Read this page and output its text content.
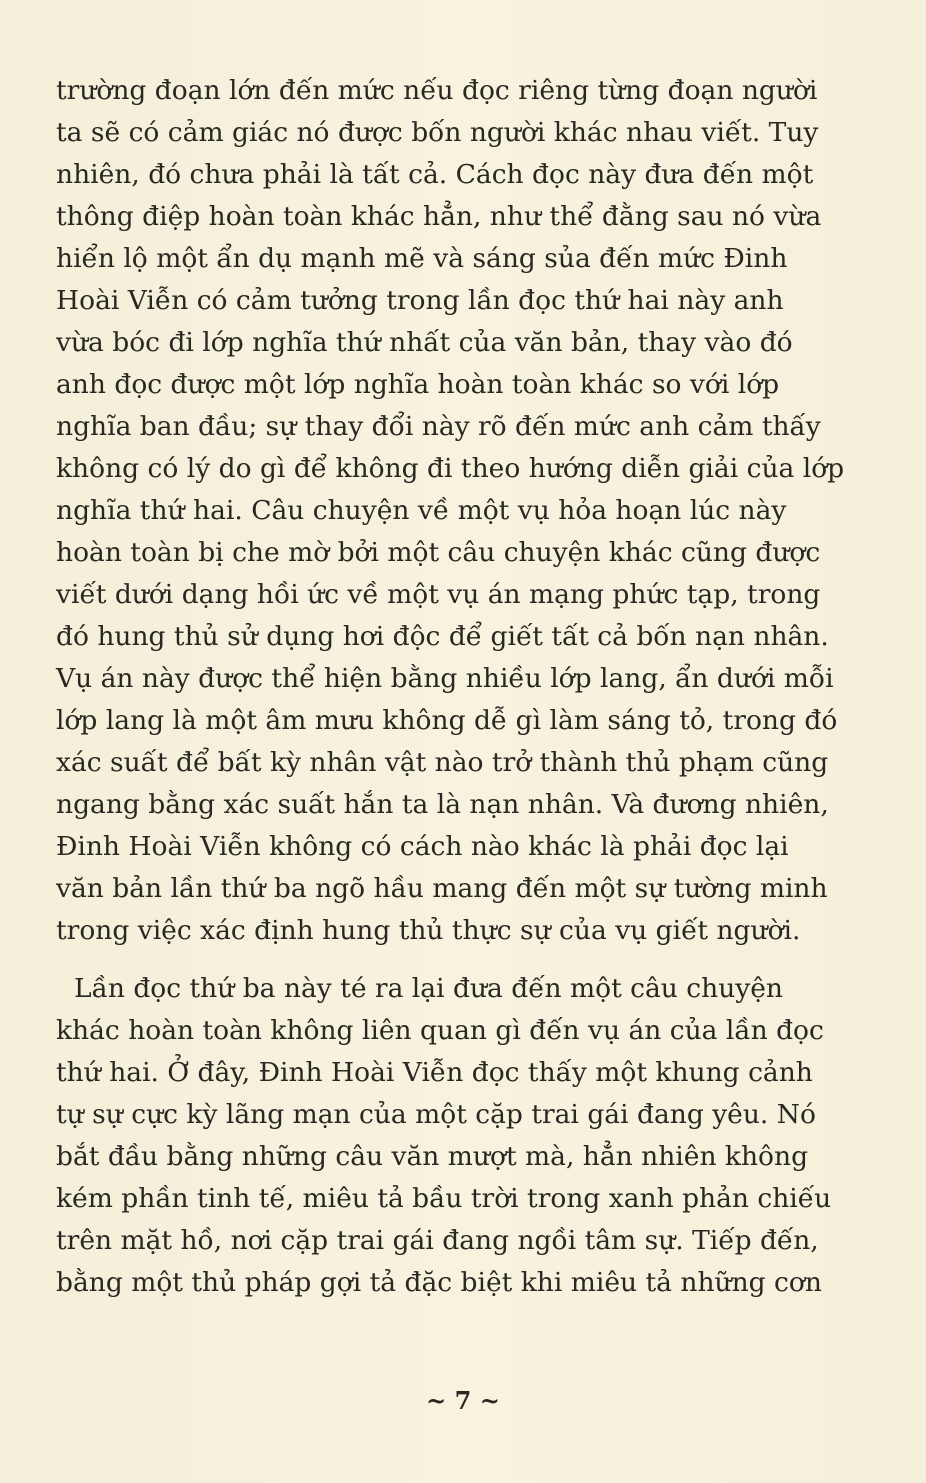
trường đoạn lớn đến mức nếu đọc riêng từng đoạn người
ta sẽ có cảm giác nó được bốn người khác nhau viết. Tuy
nhiên, đó chưa phải là tất cả. Cách đọc này đưa đến một
thông điệp hoàn toàn khác hẳn, như thể đằng sau nó vừa
hiển lộ một ẩn dụ mạnh mẽ và sáng sủa đến mức Đinh
Hoài Viễn có cảm tưởng trong lần đọc thứ hai này anh
vừa bóc đi lớp nghĩa thứ nhất của văn bản, thay vào đó
anh đọc được một lớp nghĩa hoàn toàn khác so với lớp
nghĩa ban đầu; sự thay đổi này rõ đến mức anh cảm thấy
không có lý do gì để không đi theo hướng diễn giải của lớp
nghĩa thứ hai. Câu chuyện về một vụ hỏa hoạn lúc này
hoàn toàn bị che mờ bởi một câu chuyện khác cũng được
viết dưới dạng hồi ức về một vụ án mạng phức tạp, trong
đó hung thủ sử dụng hơi độc để giết tất cả bốn nạn nhân.
Vụ án này được thể hiện bằng nhiều lớp lang, ẩn dưới mỗi
lớp lang là một âm mưu không dễ gì làm sáng tỏ, trong đó
xác suất để bất kỳ nhân vật nào trở thành thủ phạm cũng
ngang bằng xác suất hắn ta là nạn nhân. Và đương nhiên,
Đinh Hoài Viễn không có cách nào khác là phải đọc lại
văn bản lần thứ ba ngõ hầu mang đến một sự tường minh
trong việc xác định hung thủ thực sự của vụ giết người.
Lần đọc thứ ba này té ra lại đưa đến một câu chuyện
khác hoàn toàn không liên quan gì đến vụ án của lần đọc
thứ hai. Ở đây, Đinh Hoài Viễn đọc thấy một khung cảnh
tự sự cực kỳ lãng mạn của một cặp trai gái đang yêu. Nó
bắt đầu bằng những câu văn mượt mà, hẳn nhiên không
kém phần tinh tế, miêu tả bầu trời trong xanh phản chiếu
trên mặt hồ, nơi cặp trai gái đang ngồi tâm sự. Tiếp đến,
bằng một thủ pháp gợi tả đặc biệt khi miêu tả những cơn
~ 7 ~
